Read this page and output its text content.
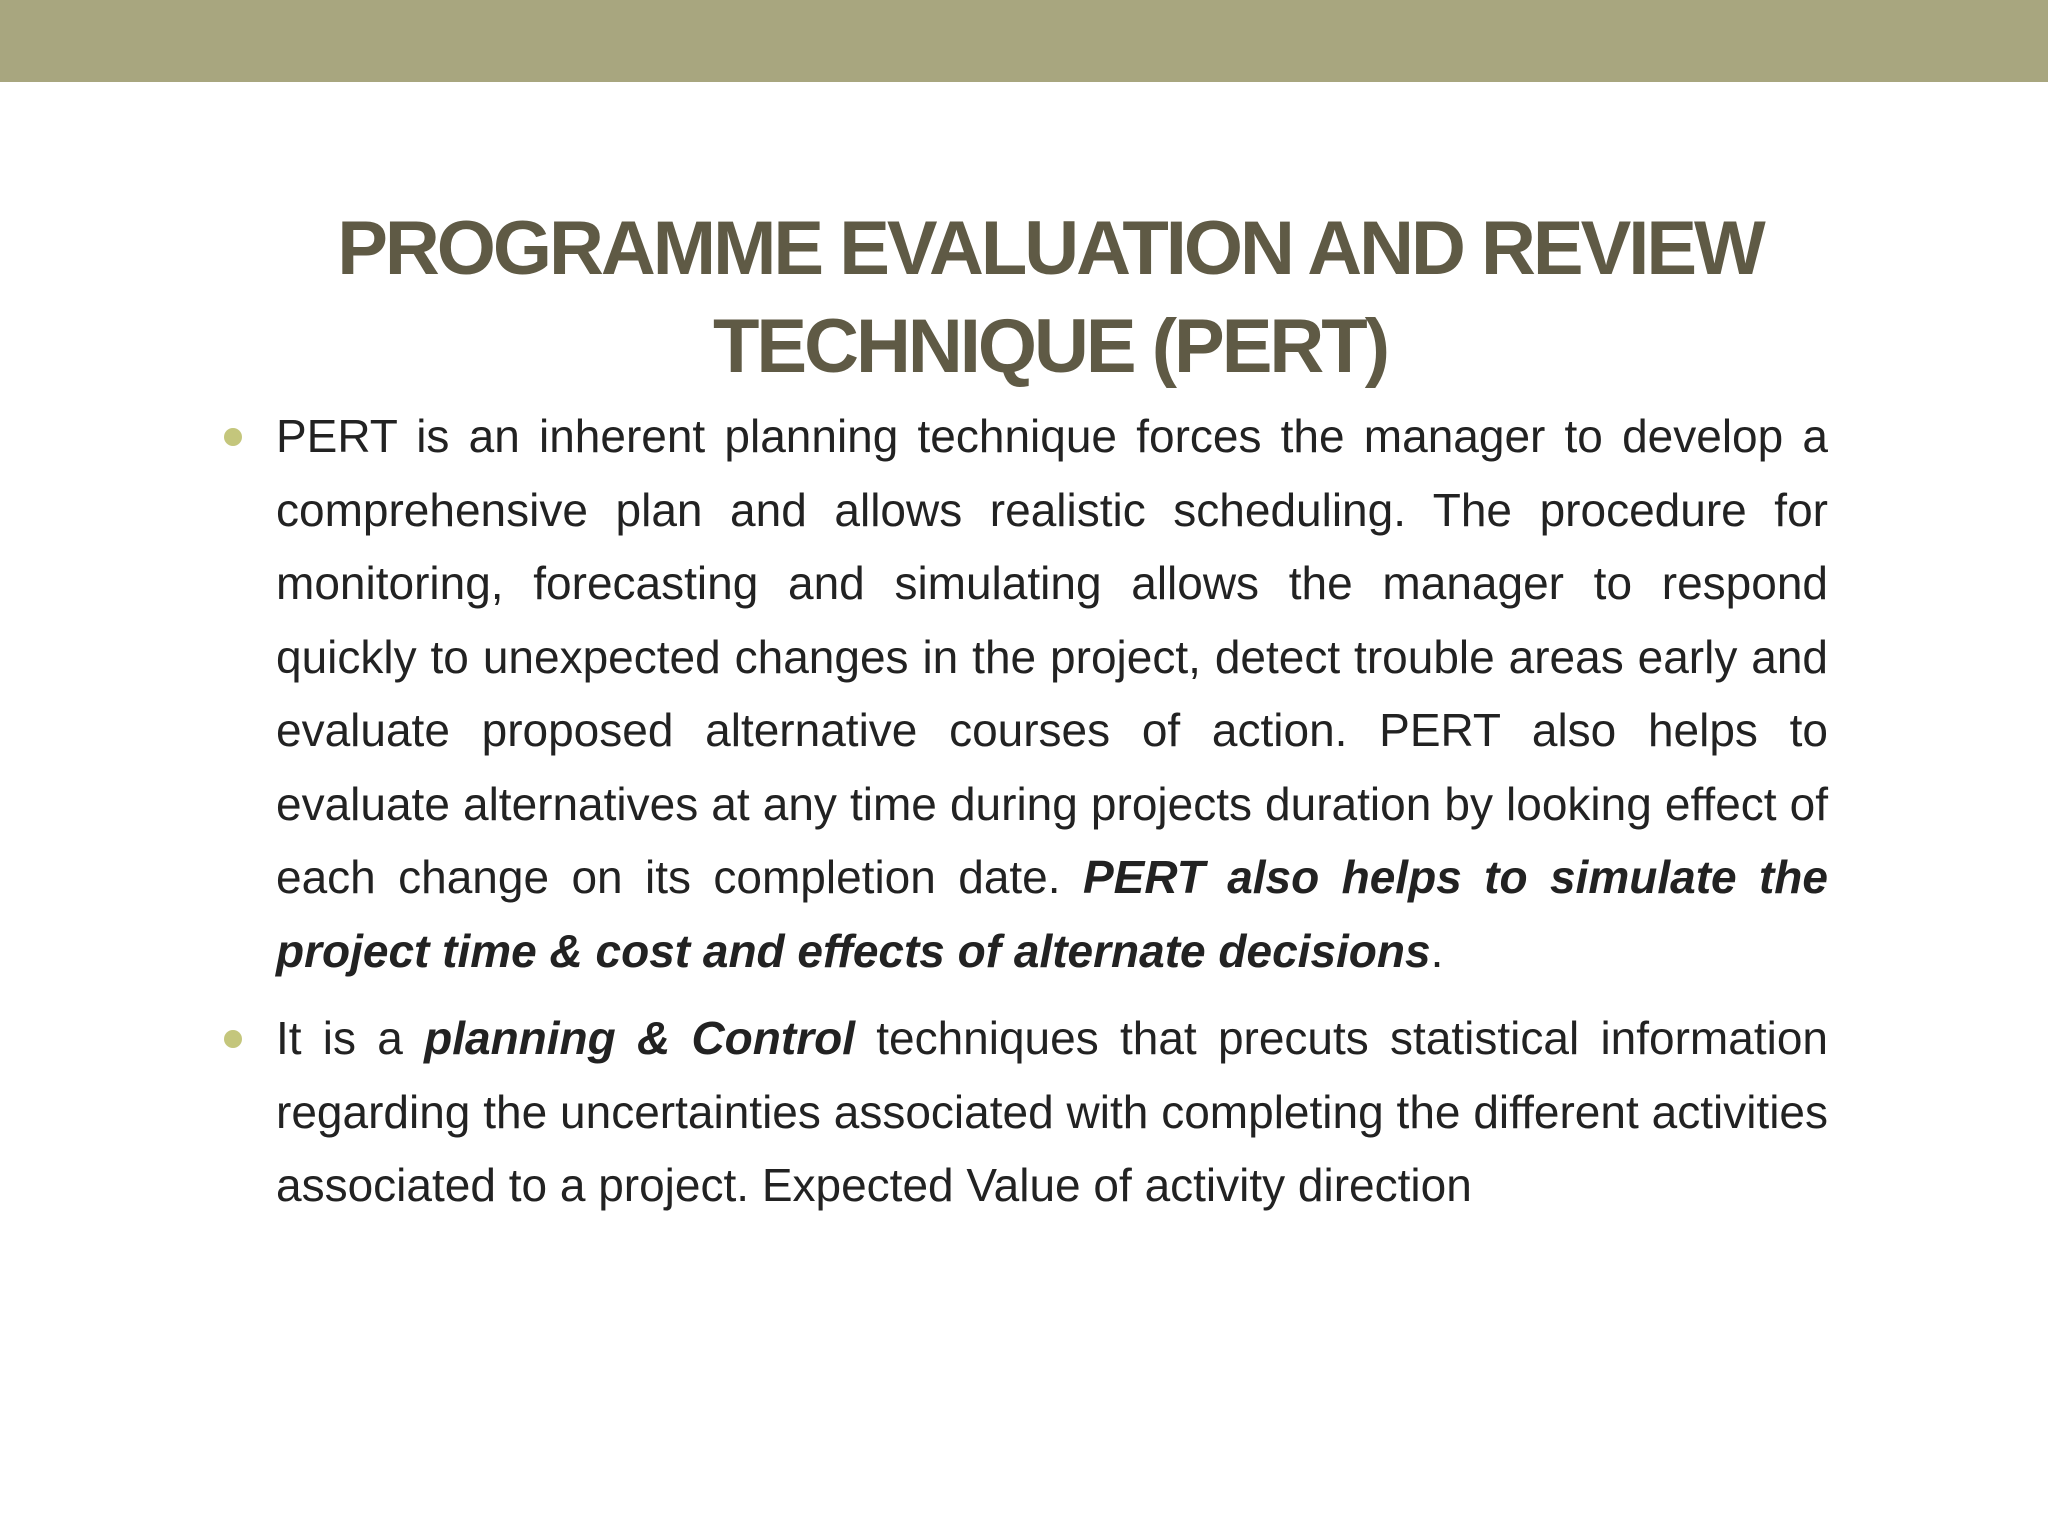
PROGRAMME EVALUATION AND REVIEW
TECHNIQUE (PERT)
PERT is an inherent planning technique forces the manager to develop a comprehensive plan and allows realistic scheduling. The procedure for monitoring, forecasting and simulating allows the manager to respond quickly to unexpected changes in the project, detect trouble areas early and evaluate proposed alternative courses of action. PERT also helps to evaluate alternatives at any time during projects duration by looking effect of each change on its completion date. PERT also helps to simulate the project time & cost and effects of alternate decisions.
It is a planning & Control techniques that precuts statistical information regarding the uncertainties associated with completing the different activities associated to a project. Expected Value of activity direction
